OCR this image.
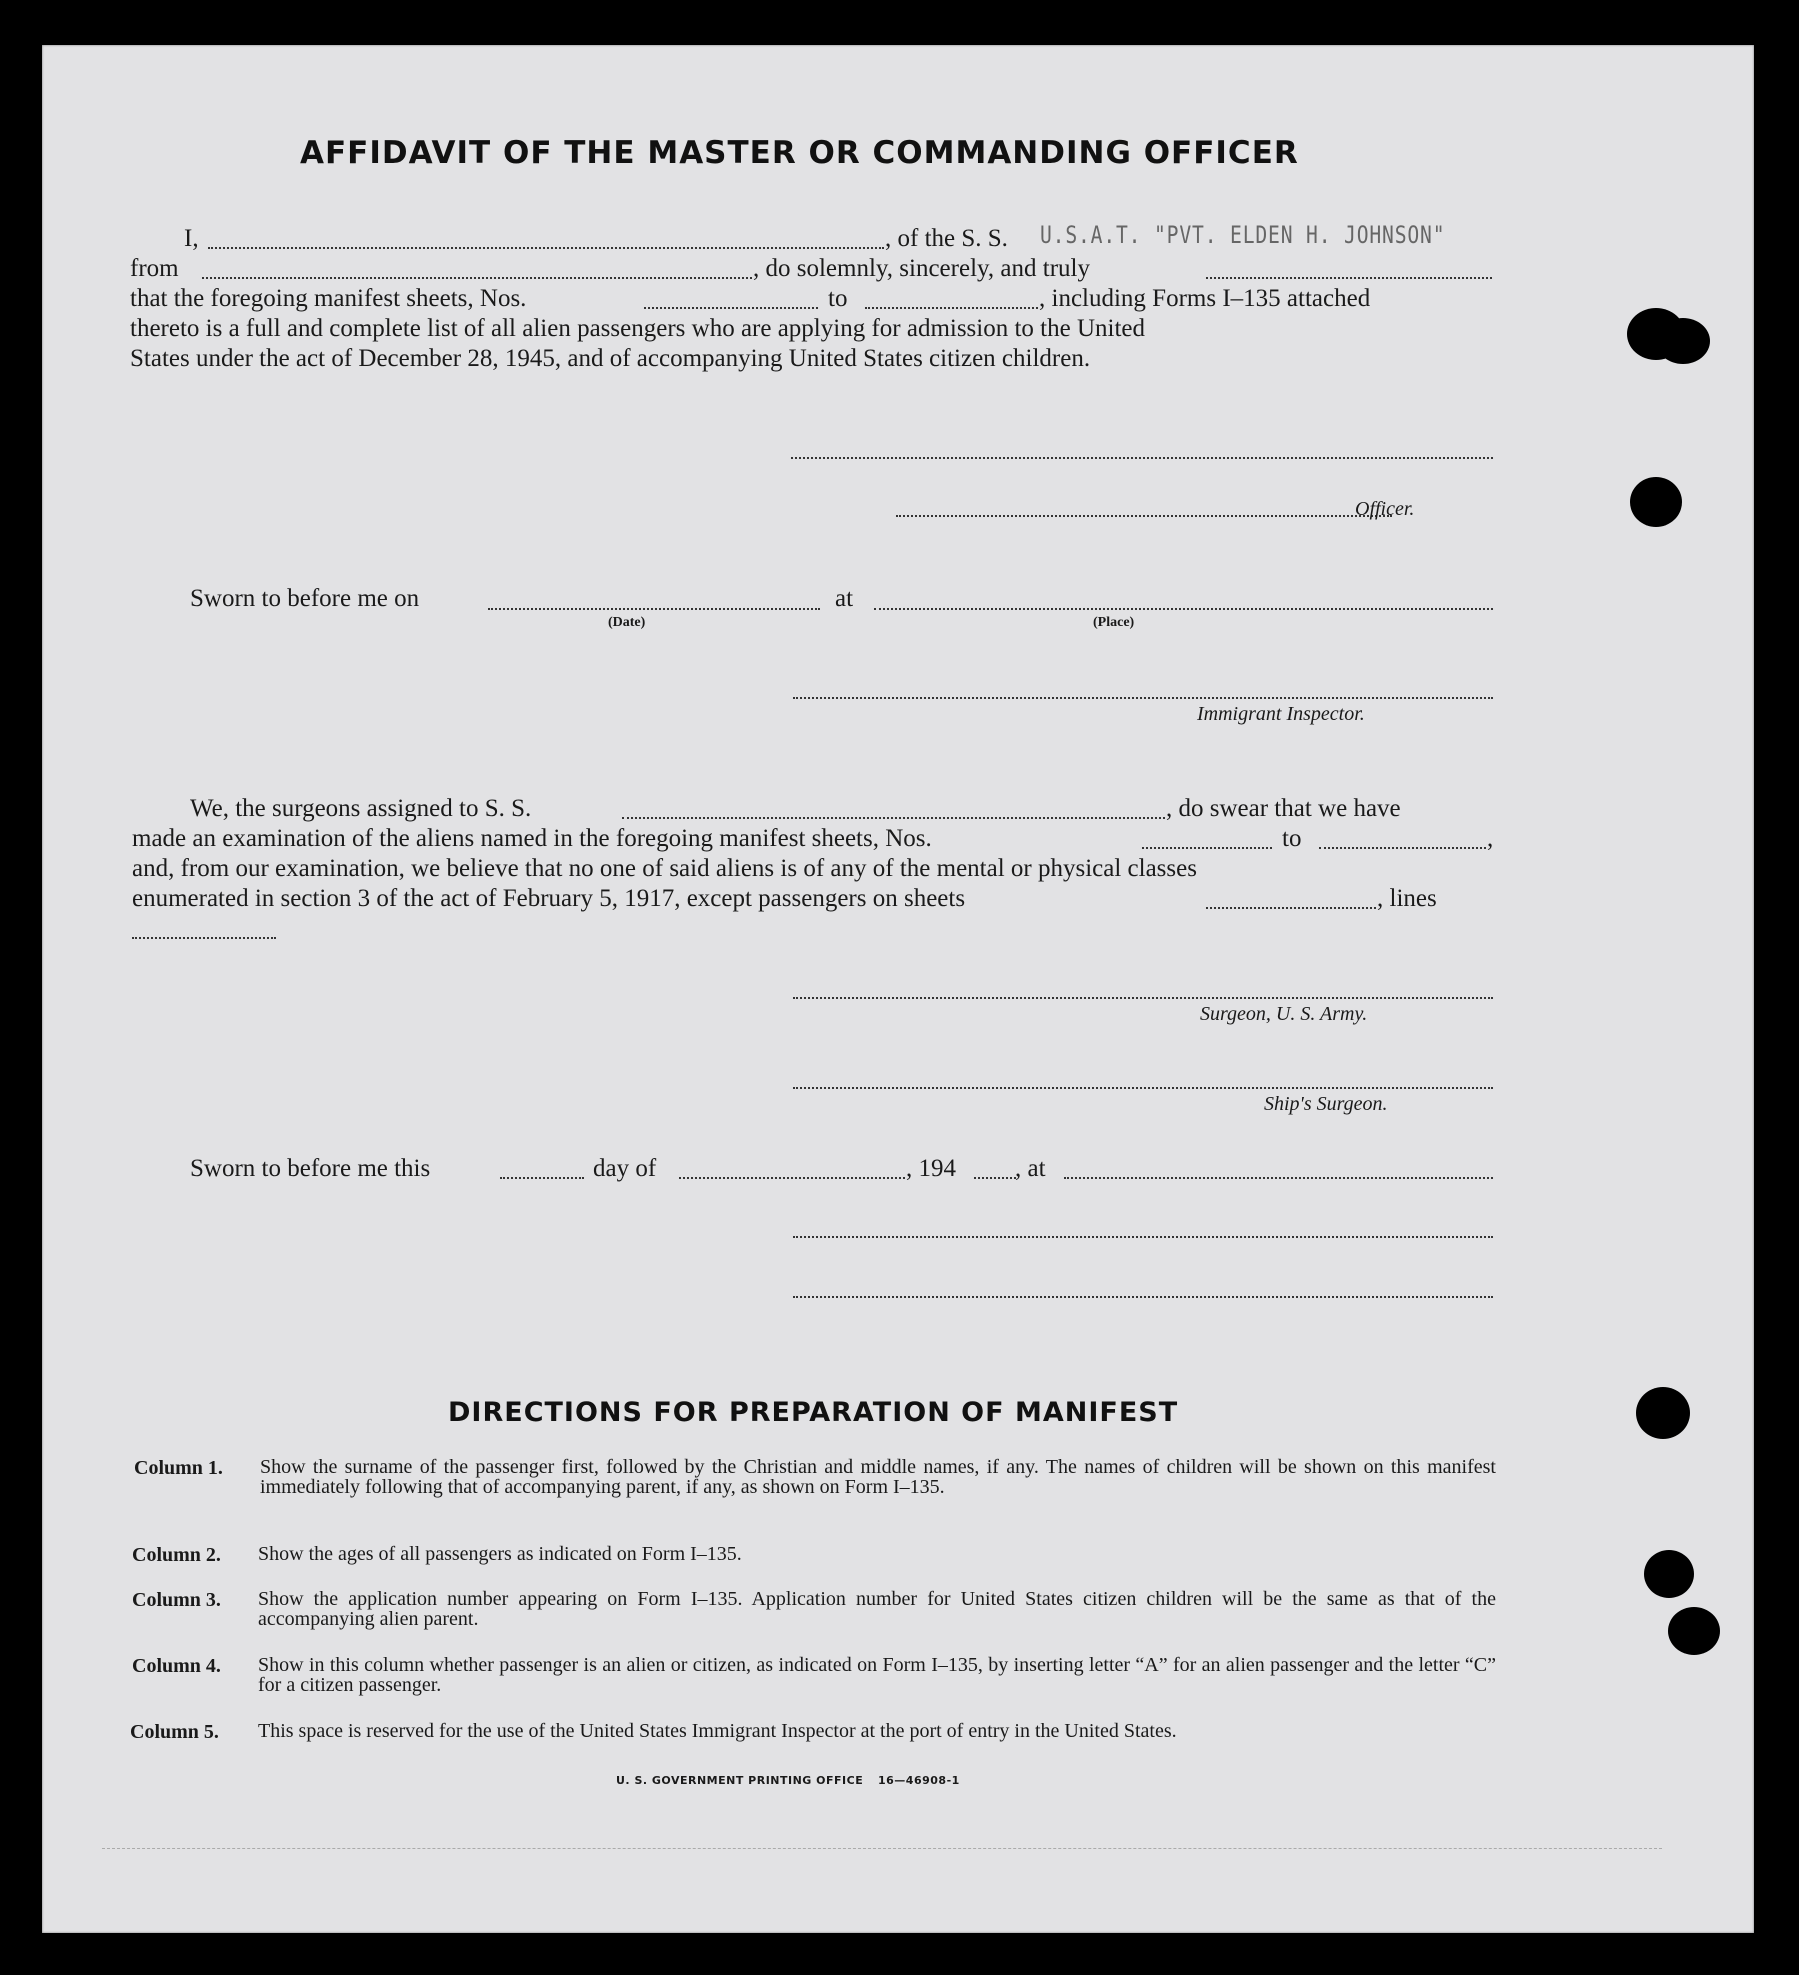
AFFIDAVIT OF THE MASTER OR COMMANDING OFFICER
I,	, of the S. S. U.S.A.T. "PVT. ELDEN H. JOHNSON"
from	, do solemnly, sincerely, and truly
that the foregoing manifest sheets, Nos.	to	, including Forms I–135 attached
thereto is a full and complete list of all alien passengers who are applying for admission to the United
States under the act of December 28, 1945, and of accompanying United States citizen children.
Officer.
Sworn to before me on
(Date)
at
(Place)
Immigrant Inspector.
We, the surgeons assigned to S. S.	, do swear that we have
made an examination of the aliens named in the foregoing manifest sheets, Nos.	to	,
and, from our examination, we believe that no one of said aliens is of any of the mental or physical classes
enumerated in section 3 of the act of February 5, 1917, except passengers on sheets	, lines
Surgeon, U. S. Army.
Ship's Surgeon.
Sworn to before me this	day of	, 194 , at
DIRECTIONS FOR PREPARATION OF MANIFEST
Column 1. Show the surname of the passenger first, followed by the Christian and middle names, if any. The names of children will be shown on this manifest immediately following that of accompanying parent, if any, as shown on Form I–135.
Column 2. Show the ages of all passengers as indicated on Form I–135.
Column 3. Show the application number appearing on Form I–135. Application number for United States citizen children will be the same as that of the accompanying alien parent.
Column 4. Show in this column whether passenger is an alien or citizen, as indicated on Form I–135, by inserting letter “A” for an alien passenger and the letter “C” for a citizen passenger.
Column 5. This space is reserved for the use of the United States Immigrant Inspector at the port of entry in the United States.
U. S. GOVERNMENT PRINTING OFFICE 16—46908-1
